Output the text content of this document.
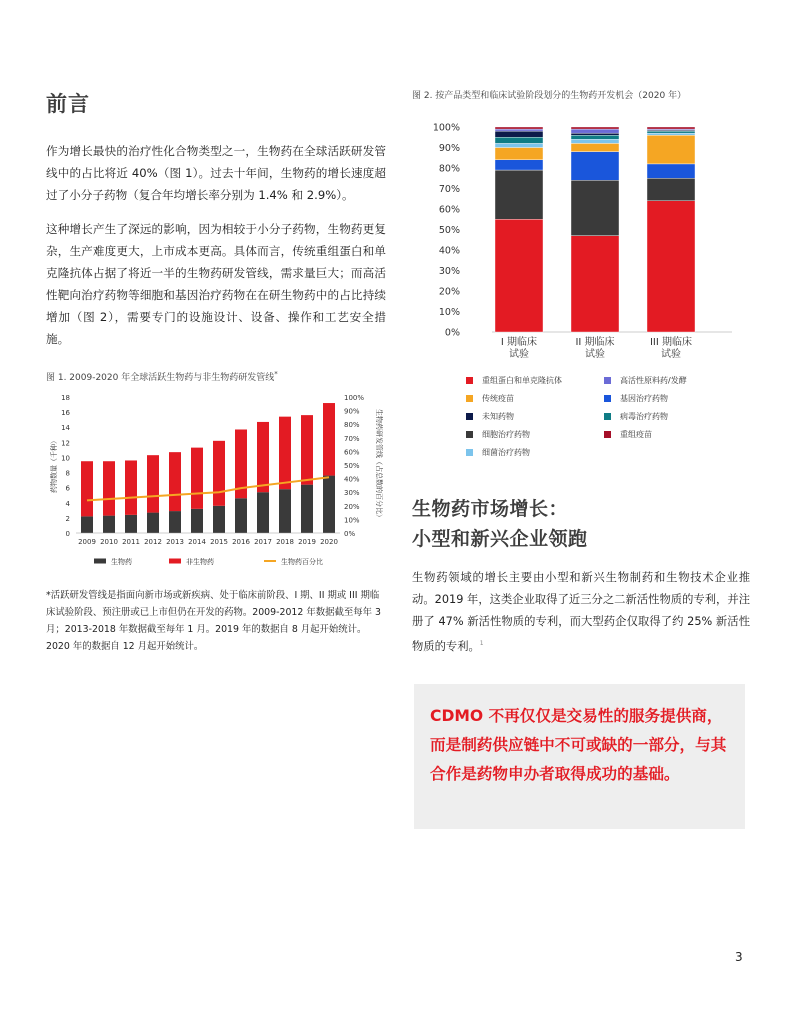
前言

作为增长最快的治疗性化合物类型之一，生物药在全球活跃研发管线中的占比将近 40%（图 1）。过去十年间，生物药的增长速度超过了小分子药物（复合年均增长率分别为 1.4% 和 2.9%）。

这种增长产生了深远的影响，因为相较于小分子药物，生物药更复杂，生产难度更大，上市成本更高。具体而言，传统重组蛋白和单克隆抗体占据了将近一半的生物药研发管线，需求量巨大；而高活性靶向治疗药物等细胞和基因治疗药物在在研生物药中的占比持续增加（图 2），需要专门的设施设计、设备、操作和工艺安全措施。

图 1. 2009-2020 年全球活跃生物药与非生物药研发管线*
0
2
4
6
8
10
12
14
16
18
0%
10%
20%
30%
40%
50%
60%
70%
80%
90%
100%
药物数量（千种）	生物药研发管线（占总数的百分比）
2009 2010 2011 2012 2013 2014 2015 2016 2017 2018 2019 2020
生物药	非生物药	生物药百分比

*活跃研发管线是指面向新市场或新疾病、处于临床前阶段、I 期、II 期或 III 期临床试验阶段、预注册或已上市但仍在开发的药物。2009-2012 年数据截至每年 3 月；2013-2018 年数据截至每年 1 月。2019 年的数据自 8 月起开始统计。2020 年的数据自 12 月起开始统计。

图 2. 按产品类型和临床试验阶段划分的生物药开发机会（2020 年）
0%
10%
20%
30%
40%
50%
60%
70%
80%
90%
100%
I 期临床
试验
II 期临床
试验
III 期临床
试验
重组蛋白和单克隆抗体	高活性原料药/发酵
传统疫苗	基因治疗药物
未知药物	病毒治疗药物
细胞治疗药物	重组疫苗
细菌治疗药物
生物药市场增长：
小型和新兴企业领跑

生物药领域的增长主要由小型和新兴生物制药和生物技术企业推动。2019 年，这类企业取得了近三分之二新活性物质的专利，并注册了 47% 新活性物质的专利，而大型药企仅取得了约 25% 新活性物质的专利。$^1$

CDMO 不再仅仅是交易性的服务提供商，而是制药供应链中不可或缺的一部分，与其合作是药物申办者取得成功的基础。

3
